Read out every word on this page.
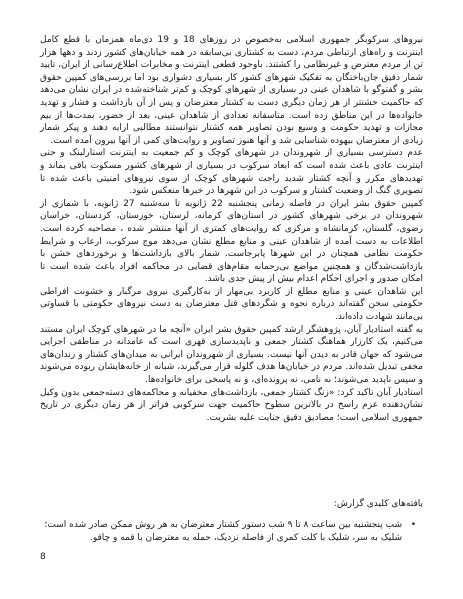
نیروهای سرکوبگر جمهوری اسلامی به‌خصوص در روزهای 18 و 19 دی‌ماه همزمان با قطع کامل اینترنت و راه‌های ارتباطی مردم، دست به کشتاری بی‌سابقه در همه خیابان‌های کشور زدند و دهها هزار تن از مردم معترض و غیرنظامی را کشتند. باوجود قطعی اینترنت و مخابرات اطلاع‌رسانی از ایران، تایید شمار دقیق جان‌باختگان به تفکیک شهرهای کشور کار بسیاری دشواری بود اما بررسی‌های کمپین حقوق بشر و گفتوگو با شاهدان عینی در بسیاری از شهرهای کوچک و کم‌تر شناخته‌شده در ایران نشان می‌دهد که حاکمیت خشنتر از هر زمان دیگری دست به کشتار معترضان و پس از آن بازداشت و فشار و تهدید خانواده‌ها در این مناطق زده است. متاسفانه تعدادی از شاهدان عینی، بعد از حضور، بمدت‌ها از بیم مجازات و تهدید حکومت و وسیع بودن تصاویر همه کشتار نتوانستند مطالبی ارایه دهند و پیکر شمار زیادی از معترضان بیهوده شناسایی شد و آنها هنوز تصاویر و روایت‌های کمی از آنها بیرون آمده است.

عدم دسترسی بسیاری از شهروندان در شهرهای کوچک و کم جمعیت به اینترنت استارلینک و حتی اینترنت عادی باعث شده است که ابعاد سرکوب در بسیاری از شهرهای کشور مسکوت باقی بماند و تهدیدهای مکرر و آنچه کشتار شدید راحت شهرهای کوچک از سوی نیروهای امنیتی باعث شده تا تصویری گنگ از وضعیت کشتار و سرکوب در این شهرها در خبرها منعکس شود.

کمپین حقوق بشر ایران در فاصله زمانی پنجشنبه 22 ژانویه تا سه‌شنبه 27 ژانویه، با شماری از شهروندان در برخی شهرهای کشور در استان‌های کرمانه، لرستان، خوزستان، کردستان، خراسان رضوی، گلستان، کرمانشاه و مرکزی که روایت‌های کمتری از آنها منتشر شده ، مصاحبه کرده است. اطلاعات به دست آمده از شاهدان عینی و منابع مطلع نشان می‌دهد موج سرکوب، ارعاب و شرایط حکومت نظامی همچنان در این شهرها پابرجاست. شمار بالای بازداشت‌ها و برخوردهای خشن با بازداشت‌شدگان و همچنین مواضع بی‌رحمانه مقام‌های قضایی در محاکمه افراد باعث شده است تا امکان صدور و اجرای احکام اعدام بیش از پیش جدی باشد.

این شاهدان عینی و منابع مطلع از کاربرد بی‌مهار از به‌کارگیری نیروی مرگبار و خشونت افراطی حکومتی سخن گفته‌اند درباره نحوه و شگردهای قتل معترضان به دست نیروهای حکومتی با قساوتی بی‌مانند شهادت داده‌اند.

به گفته استادیار آبان، پژوهشگر ارشد کمپین حقوق بشر ایران «آنچه ما در شهرهای کوچک ایران مستند می‌کنیم، یک کارزار هماهنگ کشتار جمعی و ناپدیدسازی قهری است که عامدانه در مناطقی اجرایی می‌شود که جهان قادر به دیدن آنها نیست. بسیاری از شهروندان ایرانی به میدان‌های کشتار و زندان‌های مخفی تبدیل شده‌اند. مردم در خیابان‌ها هدف گلوله قرار می‌گیرند، شبانه از خانه‌هایشان ربوده می‌شوند و سپس ناپدید می‌شوند؛ نه نامی، نه پرونده‌ای، و نه پاسخی برای خانواده‌ها.

استادیار آبان تاکید کرد: «زنگ کشتار جمعی، بازداشت‌های مخفیانه و محاکمه‌های دسته‌جمعی بدون وکیل نشان‌دهنده عزم راسخ در بالاترین سطوح حاکمیت جهت سرکوبی فراتر از هر زمان دیگری در تاریخ جمهوری اسلامی است؛ مصادیق دقیق جنایت علیه بشریت.

یافته‌های کلیدی گزارش:
•
شب پنجشنبه بین ساعت ۸ تا ۹ شب دستور کشتار معترضان به هر روش ممکن صادر شده است؛ شلیک به سر، شلیک با کلت کمری از فاصله نزدیک، حمله به معترضان با قمه و چاقو.
8
